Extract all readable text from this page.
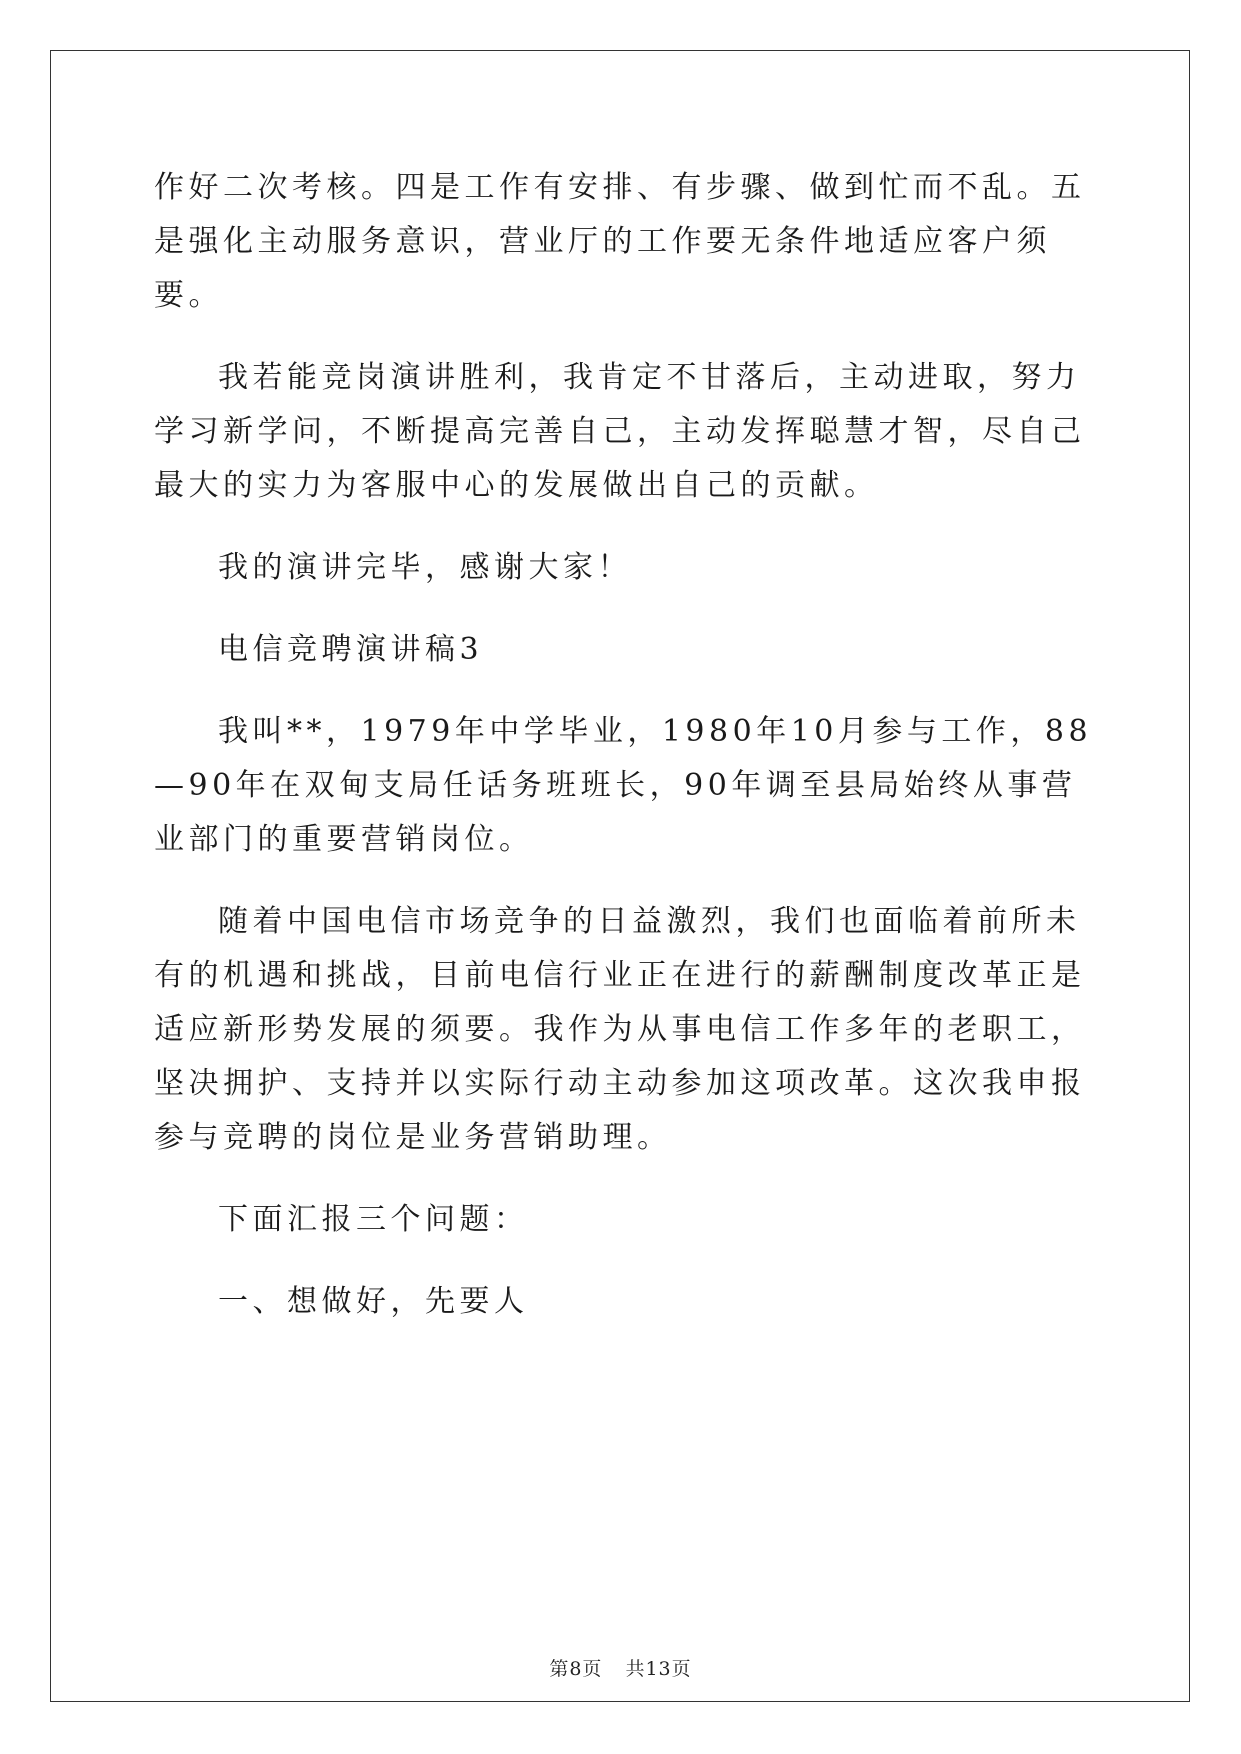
作好二次考核。四是工作有安排、有步骤、做到忙而不乱。五是强化主动服务意识，营业厅的工作要无条件地适应客户须要。

我若能竞岗演讲胜利，我肯定不甘落后，主动进取，努力学习新学问，不断提高完善自己，主动发挥聪慧才智，尽自己最大的实力为客服中心的发展做出自己的贡献。

我的演讲完毕，感谢大家！

电信竞聘演讲稿3

我叫**，1979年中学毕业，1980年10月参与工作，88—90年在双甸支局任话务班班长，90年调至县局始终从事营业部门的重要营销岗位。

随着中国电信市场竞争的日益激烈，我们也面临着前所未有的机遇和挑战，目前电信行业正在进行的薪酬制度改革正是适应新形势发展的须要。我作为从事电信工作多年的老职工，坚决拥护、支持并以实际行动主动参加这项改革。这次我申报参与竞聘的岗位是业务营销助理。

下面汇报三个问题：

一、想做好，先要人

第8页 共13页
